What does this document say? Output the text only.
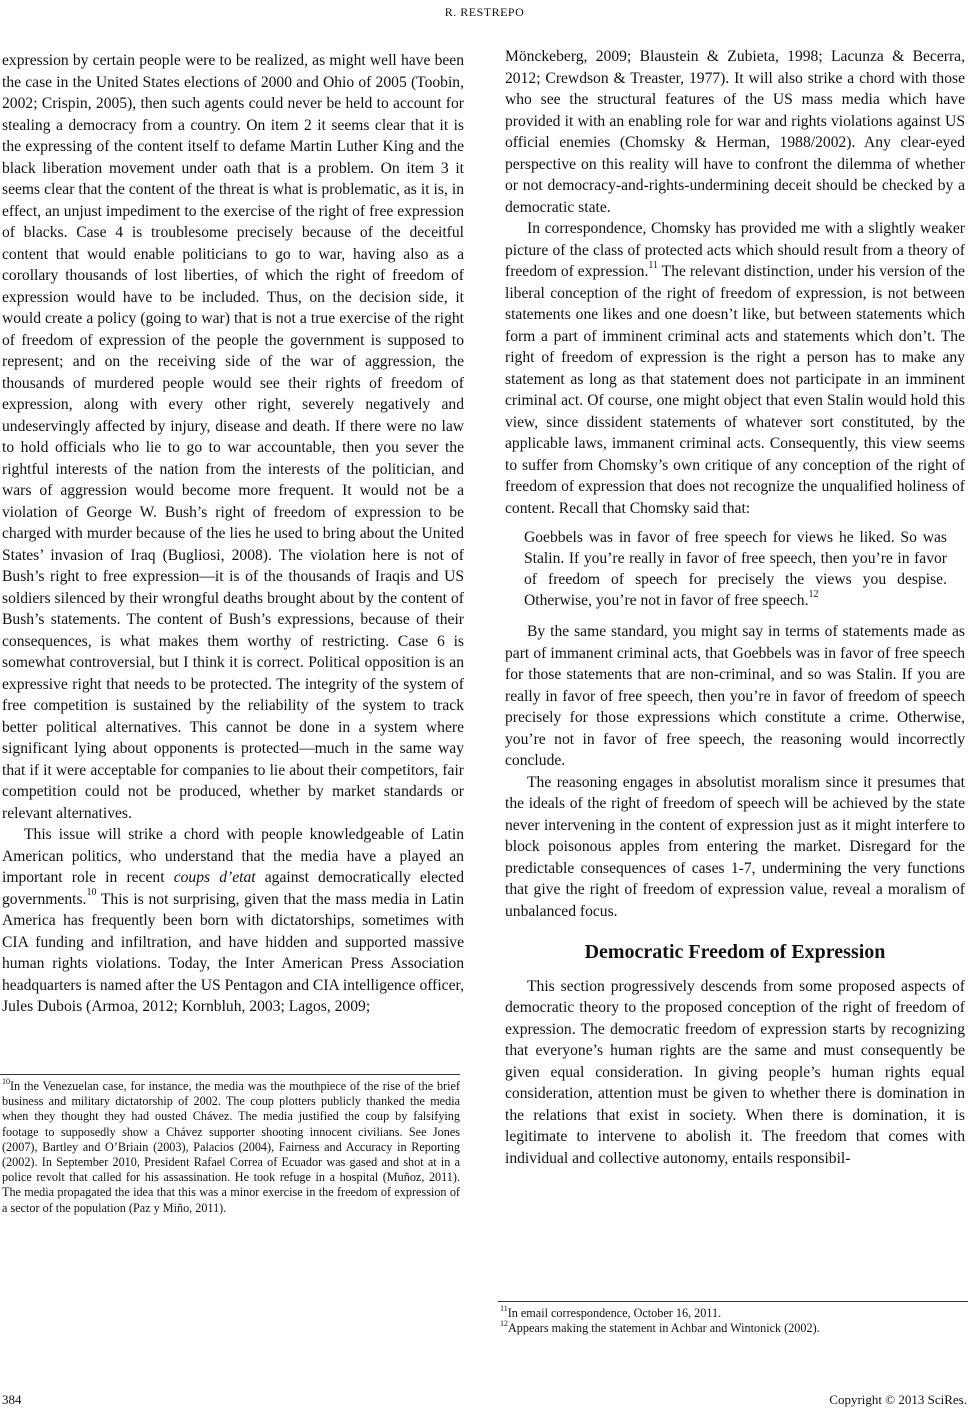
R. RESTREPO

expression by certain people were to be realized, as might well have been the case in the United States elections of 2000 and Ohio of 2005 (Toobin, 2002; Crispin, 2005), then such agents could never be held to account for stealing a democracy from a country. On item 2 it seems clear that it is the expressing of the content itself to defame Martin Luther King and the black liberation movement under oath that is a problem. On item 3 it seems clear that the content of the threat is what is problematic, as it is, in effect, an unjust impediment to the exercise of the right of free expression of blacks. Case 4 is troublesome precisely because of the deceitful content that would enable politicians to go to war, having also as a corollary thousands of lost liberties, of which the right of freedom of expression would have to be included. Thus, on the decision side, it would create a policy (going to war) that is not a true exercise of the right of freedom of expression of the people the government is supposed to represent; and on the receiving side of the war of aggression, the thousands of murdered people would see their rights of freedom of expression, along with every other right, severely negatively and undeservingly affected by injury, disease and death. If there were no law to hold officials who lie to go to war accountable, then you sever the rightful interests of the nation from the interests of the politician, and wars of aggression would become more frequent. It would not be a violation of George W. Bush’s right of freedom of expression to be charged with murder because of the lies he used to bring about the United States’ invasion of Iraq (Bugliosi, 2008). The violation here is not of Bush’s right to free expression—it is of the thousands of Iraqis and US soldiers silenced by their wrongful deaths brought about by the content of Bush’s statements. The content of Bush’s expressions, because of their consequences, is what makes them worthy of restricting. Case 6 is somewhat controversial, but I think it is correct. Political opposition is an expressive right that needs to be protected. The integrity of the system of free competition is sustained by the reliability of the system to track better political alternatives. This cannot be done in a system where significant lying about opponents is protected—much in the same way that if it were acceptable for companies to lie about their competitors, fair competition could not be produced, whether by market standards or relevant alternatives.

This issue will strike a chord with people knowledgeable of Latin American politics, who understand that the media have a played an important role in recent coups d’etat against democratically elected governments.$^{10}$ This is not surprising, given that the mass media in Latin America has frequently been born with dictatorships, sometimes with CIA funding and infiltration, and have hidden and supported massive human rights violations. Today, the Inter American Press Association headquarters is named after the US Pentagon and CIA intelligence officer, Jules Dubois (Armoa, 2012; Kornbluh, 2003; Lagos, 2009;

$^{10}$In the Venezuelan case, for instance, the media was the mouthpiece of the rise of the brief business and military dictatorship of 2002. The coup plotters publicly thanked the media when they thought they had ousted Chávez. The media justified the coup by falsifying footage to supposedly show a Chávez supporter shooting innocent civilians. See Jones (2007), Bartley and O’Briain (2003), Palacios (2004), Fairness and Accuracy in Reporting (2002). In September 2010, President Rafael Correa of Ecuador was gased and shot at in a police revolt that called for his assassination. He took refuge in a hospital (Muñoz, 2011). The media propagated the idea that this was a minor exercise in the freedom of expression of a sector of the population (Paz y Miño, 2011).

Mönckeberg, 2009; Blaustein & Zubieta, 1998; Lacunza & Becerra, 2012; Crewdson & Treaster, 1977). It will also strike a chord with those who see the structural features of the US mass media which have provided it with an enabling role for war and rights violations against US official enemies (Chomsky & Herman, 1988/2002). Any clear-eyed perspective on this reality will have to confront the dilemma of whether or not democracy-and-rights-undermining deceit should be checked by a democratic state.

In correspondence, Chomsky has provided me with a slightly weaker picture of the class of protected acts which should result from a theory of freedom of expression.$^{11}$ The relevant distinction, under his version of the liberal conception of the right of freedom of expression, is not between statements one likes and one doesn’t like, but between statements which form a part of imminent criminal acts and statements which don’t. The right of freedom of expression is the right a person has to make any statement as long as that statement does not participate in an imminent criminal act. Of course, one might object that even Stalin would hold this view, since dissident statements of whatever sort constituted, by the applicable laws, immanent criminal acts. Consequently, this view seems to suffer from Chomsky’s own critique of any conception of the right of freedom of expression that does not recognize the unqualified holiness of content. Recall that Chomsky said that:

Goebbels was in favor of free speech for views he liked. So was Stalin. If you’re really in favor of free speech, then you’re in favor of freedom of speech for precisely the views you despise. Otherwise, you’re not in favor of free speech.$^{12}$

By the same standard, you might say in terms of statements made as part of immanent criminal acts, that Goebbels was in favor of free speech for those statements that are non-criminal, and so was Stalin. If you are really in favor of free speech, then you’re in favor of freedom of speech precisely for those expressions which constitute a crime. Otherwise, you’re not in favor of free speech, the reasoning would incorrectly conclude.

The reasoning engages in absolutist moralism since it presumes that the ideals of the right of freedom of speech will be achieved by the state never intervening in the content of expression just as it might interfere to block poisonous apples from entering the market. Disregard for the predictable consequences of cases 1-7, undermining the very functions that give the right of freedom of expression value, reveal a moralism of unbalanced focus.

Democratic Freedom of Expression

This section progressively descends from some proposed aspects of democratic theory to the proposed conception of the right of freedom of expression. The democratic freedom of expression starts by recognizing that everyone’s human rights are the same and must consequently be given equal consideration. In giving people’s human rights equal consideration, attention must be given to whether there is domination in the relations that exist in society. When there is domination, it is legitimate to intervene to abolish it. The freedom that comes with individual and collective autonomy, entails responsibil-

$^{11}$In email correspondence, October 16, 2011.

$^{12}$Appears making the statement in Achbar and Wintonick (2002).

384	Copyright © 2013 SciRes.
